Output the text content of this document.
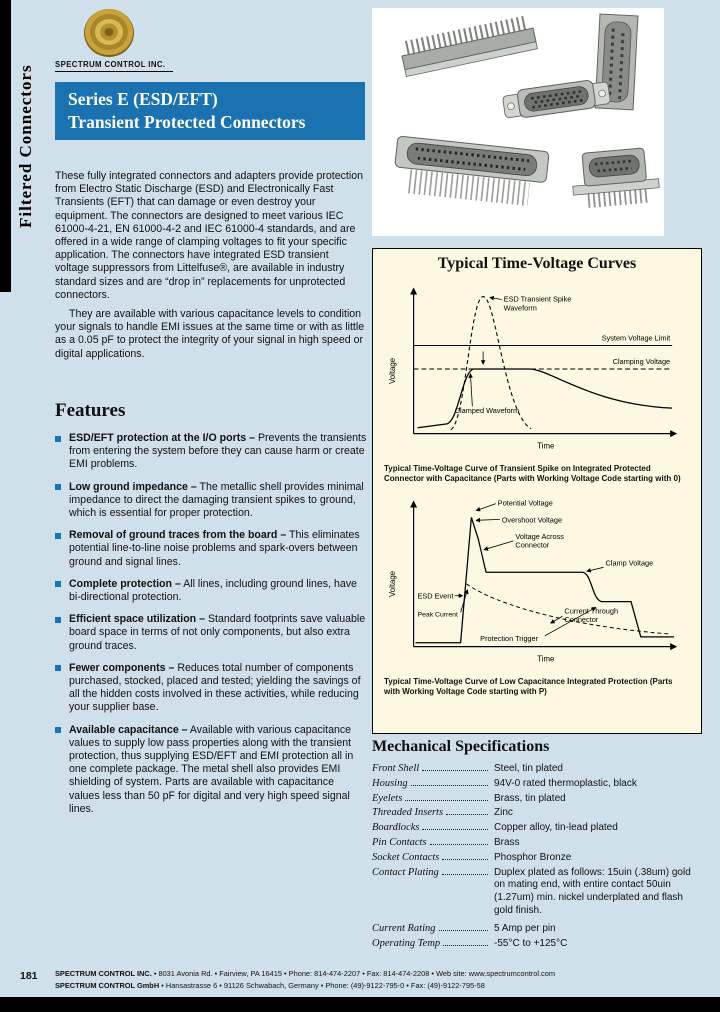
Filtered Connectors	SPECTRUM CONTROL INC.
Series E (ESD/EFT)
Transient Protected Connectors

These fully integrated connectors and adapters provide protection from Electro Static Discharge (ESD) and Electronically Fast Transients (EFT) that can damage or even destroy your equipment. The connectors are designed to meet various IEC 61000-4-21, EN 61000-4-2 and IEC 61000-4 standards, and are offered in a wide range of clamping voltages to fit your specific application. The connectors have integrated ESD transient voltage suppressors from Littelfuse®, are available in industry standard sizes and are “drop in” replacements for unprotected connectors.

They are available with various capacitance levels to condition your signals to handle EMI issues at the same time or with as little as a 0.05 pF to protect the integrity of your signal in high speed or digital applications.

Features
ESD/EFT protection at the I/O ports – Prevents the transients from entering the system before they can cause harm or create EMI problems.
Low ground impedance – The metallic shell provides minimal impedance to direct the damaging transient spikes to ground, which is essential for proper protection.
Removal of ground traces from the board – This eliminates potential line-to-line noise problems and spark-overs between ground and signal lines.
Complete protection – All lines, including ground lines, have bi-directional protection.
Efficient space utilization – Standard footprints save valuable board space in terms of not only components, but also extra ground traces.
Fewer components – Reduces total number of components purchased, stocked, placed and tested; yielding the savings of all the hidden costs involved in these activities, while reducing your supplier base.
Available capacitance – Available with various capacitance values to supply low pass properties along with the transient protection, thus supplying ESD/EFT and EMI protection all in one complete package. The metal shell also provides EMI shielding of system. Parts are available with capacitance values less than 50 pF for digital and very high speed signal lines.
Typical Time-Voltage Curves
Voltage
Time
System Voltage Limit
Clamping Voltage
ESD Transient Spike
Waveform
Clamped Waveform
Typical Time-Voltage Curve of Transient Spike on Integrated Protected Connector with Capacitance (Parts with Working Voltage Code starting with 0)
Voltage
Time
Potential Voltage
Overshoot Voltage
Voltage Across
Connector
Clamp Voltage
ESD Event
Peak Current	Current Through
Connector
Protection Trigger
Typical Time-Voltage Curve of Low Capacitance Integrated Protection (Parts with Working Voltage Code starting with P)
Mechanical Specifications
Front Shell	Steel, tin plated
Housing	94V-0 rated thermoplastic, black
Eyelets	Brass, tin plated
Threaded Inserts	Zinc
Boardlocks	Copper alloy, tin-lead plated
Pin Contacts	Brass
Socket Contacts	Phosphor Bronze
Contact Plating	Duplex plated as follows: 15uin (.38um) gold on mating end, with entire contact 50uin (1.27um) min. nickel underplated and flash gold finish.
Current Rating	5 Amp per pin
Operating Temp	-55°C to +125°C
181 SPECTRUM CONTROL INC. • 8031 Avonia Rd. • Fairview, PA 16415 • Phone: 814-474-2207 • Fax: 814-474-2208 • Web site: www.spectrumcontrol.com
SPECTRUM CONTROL GmbH • Hansastrasse 6 • 91126 Schwabach, Germany • Phone: (49)-9122-795-0 • Fax: (49)-9122-795-58
